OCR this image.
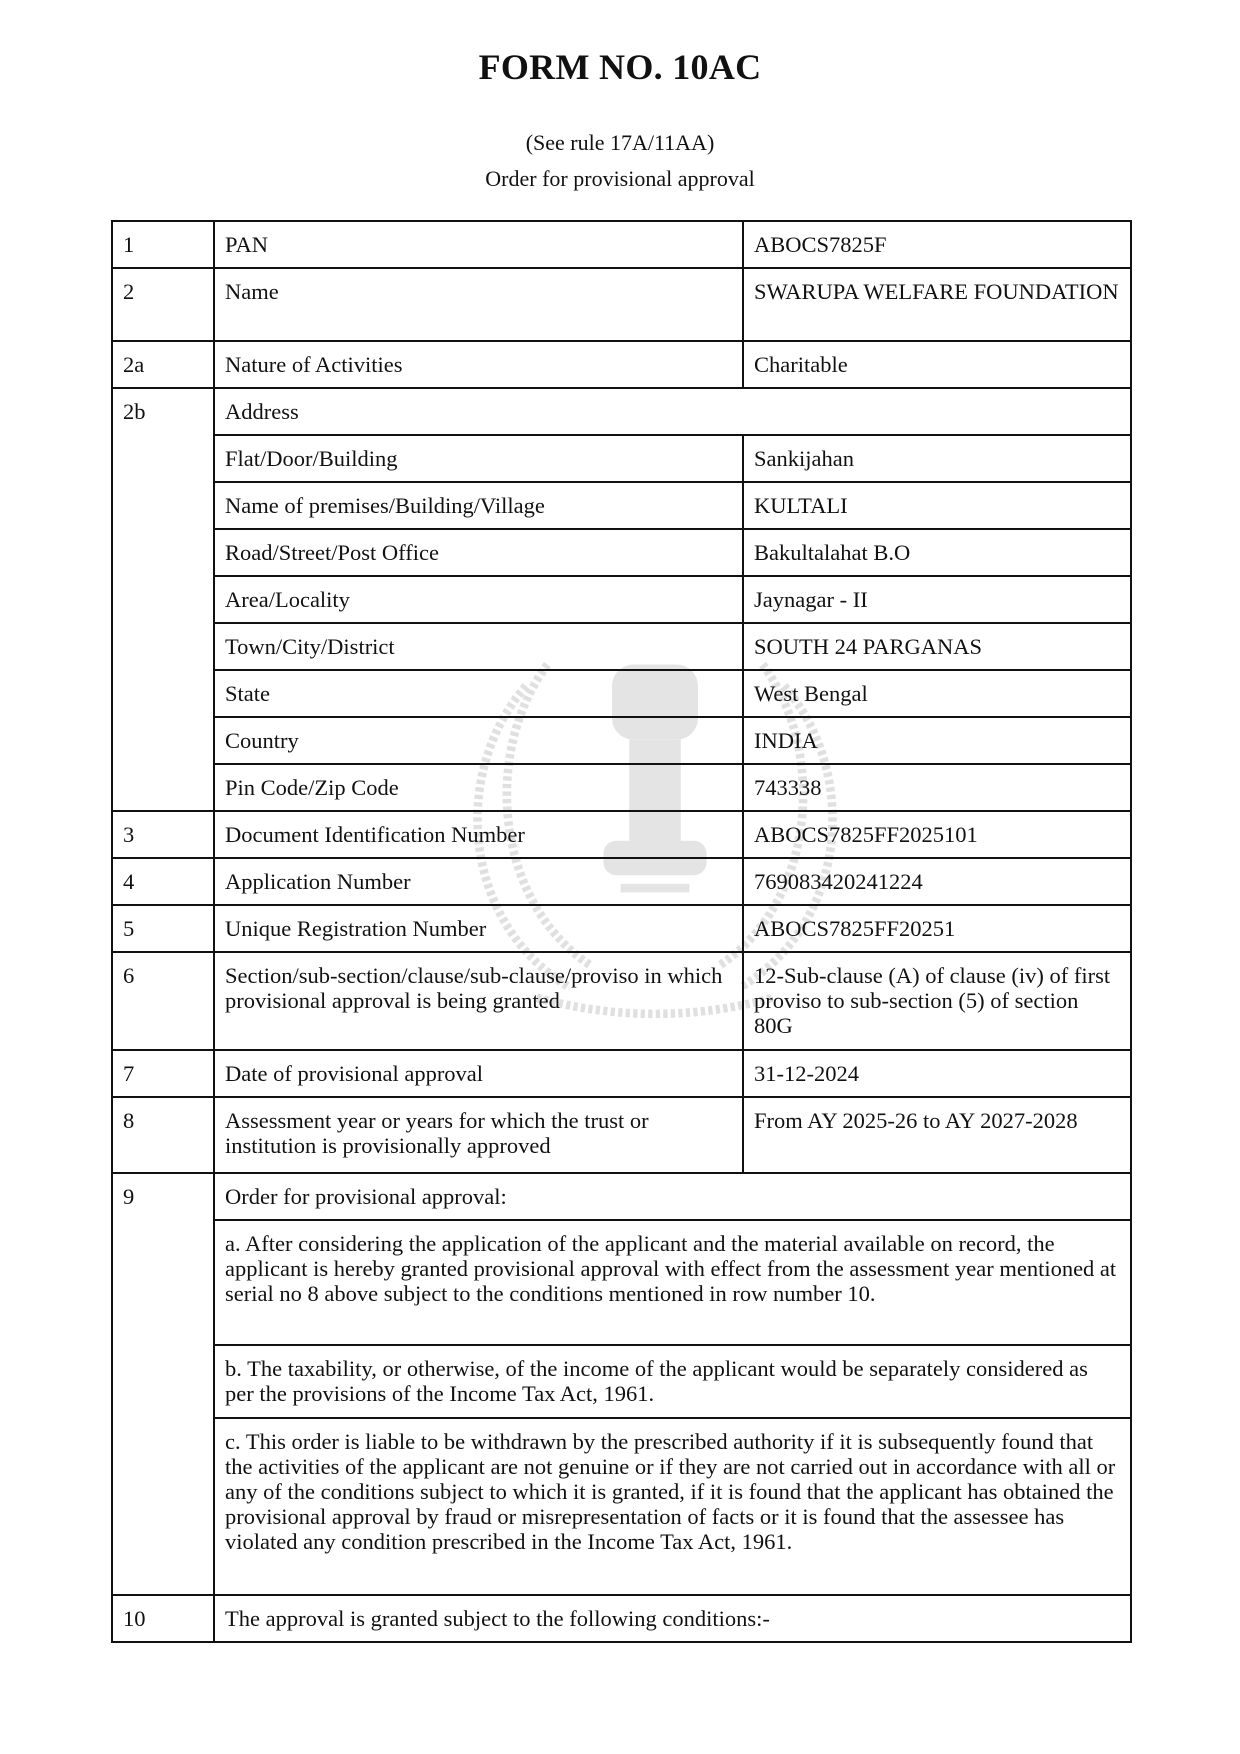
FORM NO. 10AC
(See rule 17A/11AA)
Order for provisional approval
1	PAN	ABOCS7825F
2	Name	SWARUPA WELFARE FOUNDATION
2a	Nature of Activities	Charitable
2b	Address	
	Flat/Door/Building	Sankijahan
	Name of premises/Building/Village	KULTALI
	Road/Street/Post Office	Bakultalahat B.O
	Area/Locality	Jaynagar - II
	Town/City/District	SOUTH 24 PARGANAS
	State	West Bengal
	Country	INDIA
	Pin Code/Zip Code	743338
3	Document Identification Number	ABOCS7825FF2025101
4	Application Number	769083420241224
5	Unique Registration Number	ABOCS7825FF20251
6	Section/sub-section/clause/sub-clause/proviso in which provisional approval is being granted	12-Sub-clause (A) of clause (iv) of first proviso to sub-section (5) of section 80G
7	Date of provisional approval	31-12-2024
8	Assessment year or years for which the trust or institution is provisionally approved	From AY 2025-26 to AY 2027-2028
9	Order for provisional approval:	
	a. After considering the application of the applicant and the material available on record, the applicant is hereby granted provisional approval with effect from the assessment year mentioned at serial no 8 above subject to the conditions mentioned in row number 10.	
	b. The taxability, or otherwise, of the income of the applicant would be separately considered as per the provisions of the Income Tax Act, 1961.	
	c. This order is liable to be withdrawn by the prescribed authority if it is subsequently found that the activities of the applicant are not genuine or if they are not carried out in accordance with all or any of the conditions subject to which it is granted, if it is found that the applicant has obtained the provisional approval by fraud or misrepresentation of facts or it is found that the assessee has violated any condition prescribed in the Income Tax Act, 1961.	
10	The approval is granted subject to the following conditions:-	
